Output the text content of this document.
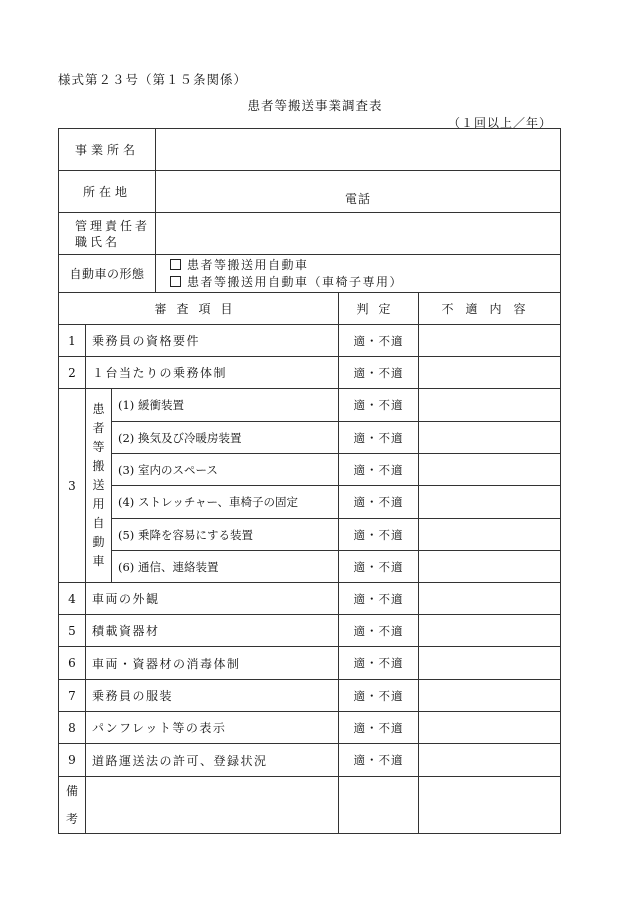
様式第２３号（第１５条関係）
患者等搬送事業調査表
（１回以上／年）
事業所名					
所在地			電話		

管理責任者
職氏名					

自動車の形態			患者等搬送用自動車
患者等搬送用自動車（車椅子専用）		

審査項目				判定	不適内容
1	乗務員の資格要件			適・不適	
2	１台当たりの乗務体制			適・不適	
3	患者等搬送用自動車	(1) 緩衝装置		適・不適	
		(2) 換気及び冷暖房装置		適・不適	
		(3) 室内のスペース		適・不適	
		(4) ストレッチャー、車椅子の固定		適・不適	
		(5) 乗降を容易にする装置		適・不適	
		(6) 通信、連絡装置		適・不適	
4	車両の外観			適・不適	
5	積載資器材			適・不適	
6	車両・資器材の消毒体制			適・不適	
7	乗務員の服装			適・不適	
8	パンフレット等の表示			適・不適	
9	道路運送法の許可、登録状況			適・不適	

備考					
